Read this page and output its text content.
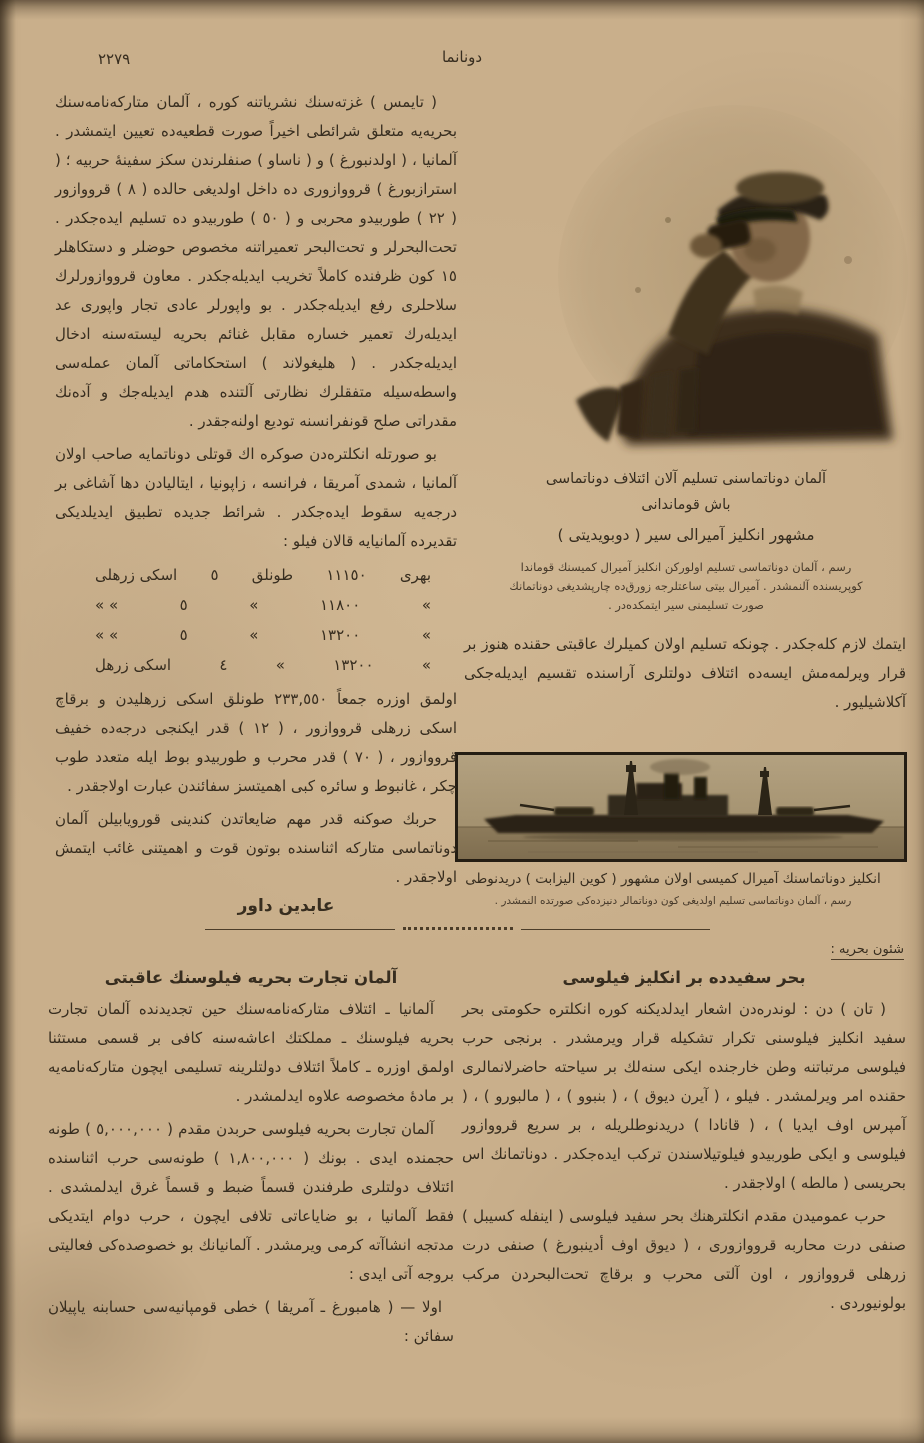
٢٢٧٩	دونانما
آلمان دوناتماسنى تسليم آلان ائتلاف دوناتماسى
باش قوماندانى
مشهور انكليز آميرالى سير ( دوبويديتى )
رسم ، آلمان دوناتماسى تسليم اولوركن انكليز آميرال كميسنك قوماندا كوپريسنده آلنمشدر . آميرال بيتى ساعتلرجه زورق‌ده چارپشديغى دوناتمانك صورت تسليمنى سير ايتمكده‌در .

ايتمك لازم كله‌جكدر . چونكه تسليم اولان كميلرك عاقبتى حقنده هنوز بر قرار ويرلمه‌مش ايسه‌ده ائتلاف دولتلرى آراسنده تقسيم ايديله‌جكى آكلاشيليور .

انكليز دوناتماسنك آميرال كميسى اولان مشهور ( كوين اليزابت ) دريدنوطى
رسم ، آلمان دوناتماسى تسليم اولديغى كون دوناتمالر دنيزده‌كى صورتده النمشدر .
شئون بحريه :
بحر سفيدده بر انكليز فيلوسى

( تان ) دن : لوندره‌دن اشعار ايدلديكنه كوره انكلتره حكومتى بحر سفيد انكليز فيلوسنى تكرار تشكيله قرار ويرمشدر . برنجى حرب فيلوسى مرتباتنه وطن خارجنده ايكى سنه‌لك بر سياحته حاضرلانمالرى حقنده امر ويرلمشدر . فيلو ، ( آيرن ديوق ) ، ( بنبوو ) ، ( مالبورو ) ، ( آمپرس اوف ايديا ) ، ( قانادا ) دريدنوطلريله ، بر سريع قرووازور فيلوسى و ايكى طوربيدو فيلوتيلاسندن تركب ايده‌جكدر . دوناتمانك اس بحريسى ( مالطه ) اولاجقدر .

حرب عموميدن مقدم انكلترهنك بحر سفيد فيلوسى ( اينفله كسيبل ) صنفى درت محاربه قرووازورى ، ( ديوق اوف أدينبورغ ) صنفى درت زرهلى قرووازور ، اون آلتى محرب و برقاچ تحت‌البحردن مركب بولونيوردى .

( تايمس ) غزته‌سنك نشرياتنه كوره ، آلمان متاركه‌نامه‌سنك بحريه‌يه متعلق شرائطى اخيراً صورت قطعيه‌ده تعيين ايتمشدر . آلمانيا ، ( اولدنبورغ ) و ( ناساو ) صنفلرندن سكز سفينۀ حربيه ؛ ( استرازبورغ ) قرووازورى ده داخل اولديغى حالده ( ٨ ) قرووازور ( ٢٢ ) طوربيدو محربى و ( ٥٠ ) طوربيدو ده تسليم ايده‌جكدر . تحت‌البحرلر و تحت‌البحر تعميراتنه مخصوص حوضلر و دستكاهلر ١٥ كون ظرفنده كاملاً تخريب ايديله‌جكدر . معاون قرووازورلرك سلاحلرى رفع ايديله‌جكدر . بو واپورلر عادى تجار واپورى عد ايديله‌رك تعمير خساره مقابل غنائم بحريه ليسته‌سنه ادخال ايديله‌جكدر . ( هليغولاند ) استحكاماتى آلمان عمله‌سى واسطه‌سيله متفقلرك نظارتى آلتنده هدم ايديله‌جك و آده‌نك مقدراتى صلح قونفرانسنه توديع اولنه‌جقدر .

بو صورتله انكلتره‌دن صوكره اك قوتلى دوناتمايه صاحب اولان آلمانيا ، شمدى آمريقا ، فرانسه ، زاپونيا ، ايتاليادن دها آشاغى بر درجه‌يه سقوط ايده‌جكدر . شرائط جديده تطبيق ايديلديكى تقديرده آلمانيايه قالان فيلو :

بهرى
١١١٥٠
طونلق
٥
اسكى زرهلى
»
١١٨٠٠
»
٥
» »
»
١٣٢٠٠
»
٥
» »
»
١٣٢٠٠
»
٤
اسكى زرهل

اولمق اوزره جمعاً ٢٣٣,٥٥٠ طونلق اسكى زرهليدن و برقاچ اسكى زرهلى قرووازور ، ( ١٢ ) قدر ايكنجى درجه‌ده خفيف قرووازور ، ( ٧٠ ) قدر محرب و طوربيدو بوط ايله متعدد طوب چكر ، غانبوط و سائره كبى اهميتسز سفائندن عبارت اولاجقدر .

حربك صوكنه قدر مهم ضايعاتدن كندينى قورويابيلن آلمان دوناتماسى متاركه اثناسنده بوتون قوت و اهميتنى غائب ايتمش اولاجقدر .

عابدين داور
آلمان تجارت بحريه فيلوسنك عاقبتى

آلمانيا ـ ائتلاف متاركه‌نامه‌سنك حين تجديدنده آلمان تجارت بحريه فيلوسنك ـ مملكتك اعاشه‌سنه كافى بر قسمى مستثنا اولمق اوزره ـ كاملاً ائتلاف دولتلرينه تسليمى ايچون متاركه‌نامه‌يه بر مادۀ مخصوصه علاوه ايدلمشدر .

آلمان تجارت بحريه فيلوسى حربدن مقدم ( ٥,٠٠٠,٠٠٠ ) طونه حجمنده ايدى . بونك ( ١,٨٠٠,٠٠٠ ) طونه‌سى حرب اثناسنده ائتلاف دولتلرى طرفندن قسماً ضبط و قسماً غرق ايدلمشدى . فقط آلمانيا ، بو ضاياعاتى تلافى ايچون ، حرب دوام ايتديكى مدتجه انشاآته كرمى ويرمشدر . آلمانيانك بو خصوصده‌كى فعاليتى بروجه آتى ايدى :

اولا — ( هامبورغ ـ آمريقا ) خطى قومپانيه‌سى حسابنه ياپيلان سفائن :
